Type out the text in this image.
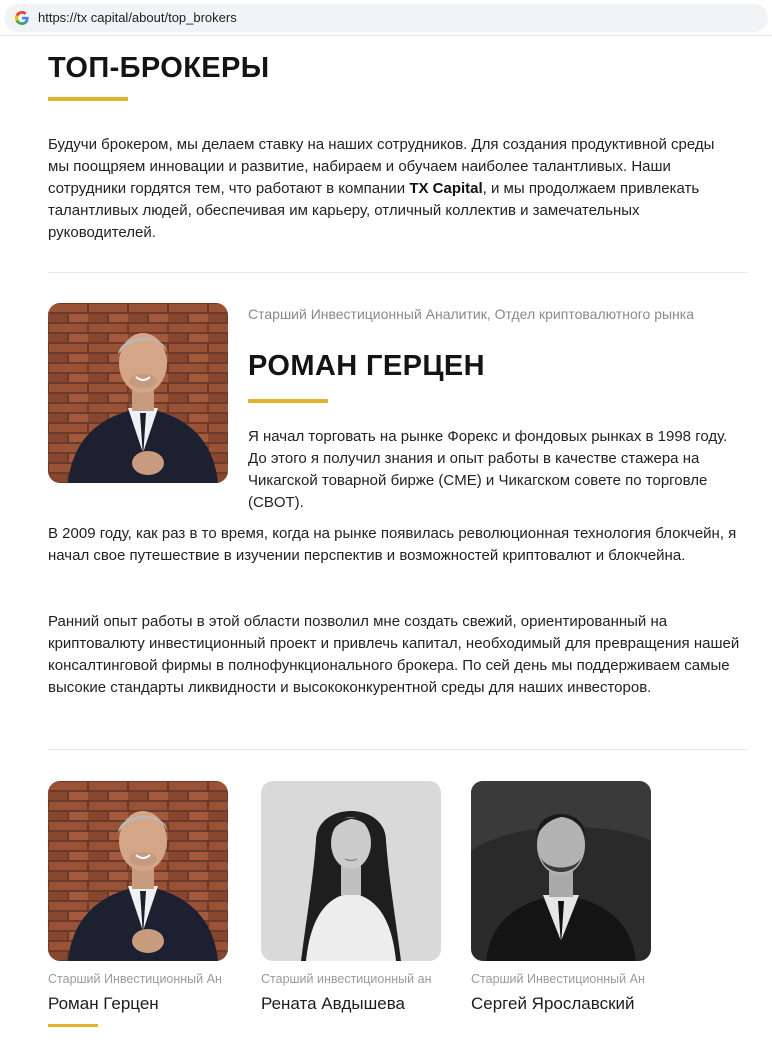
https://tx capital/about/top_brokers
ТОП-БРОКЕРЫ

Будучи брокером, мы делаем ставку на наших сотрудников. Для создания продуктивной среды мы поощряем инновации и развитие, набираем и обучаем наиболее талантливых. Наши сотрудники гордятся тем, что работают в компании TX Capital, и мы продолжаем привлекать талантливых людей, обеспечивая им карьеру, отличный коллектив и замечательных руководителей.

Старший Инвестиционный Аналитик, Отдел криптовалютного рынка
РОМАН ГЕРЦЕН

Я начал торговать на рынке Форекс и фондовых рынках в 1998 году. До этого я получил знания и опыт работы в качестве стажера на Чикагской товарной бирже (CME) и Чикагском совете по торговле (CBOT).

В 2009 году, как раз в то время, когда на рынке появилась революционная технология блокчейн, я начал свое путешествие в изучении перспектив и возможностей криптовалют и блокчейна.

Ранний опыт работы в этой области позволил мне создать свежий, ориентированный на криптовалюту инвестиционный проект и привлечь капитал, необходимый для превращения нашей консалтинговой фирмы в полнофункционального брокера. По сей день мы поддерживаем самые высокие стандарты ликвидности и высококонкурентной среды для наших инвесторов.

Старший Инвестиционный Ан
Роман Герцен
Старший инвестиционный ан
Рената Авдышева
Старший Инвестиционный Ан
Сергей Ярославский
